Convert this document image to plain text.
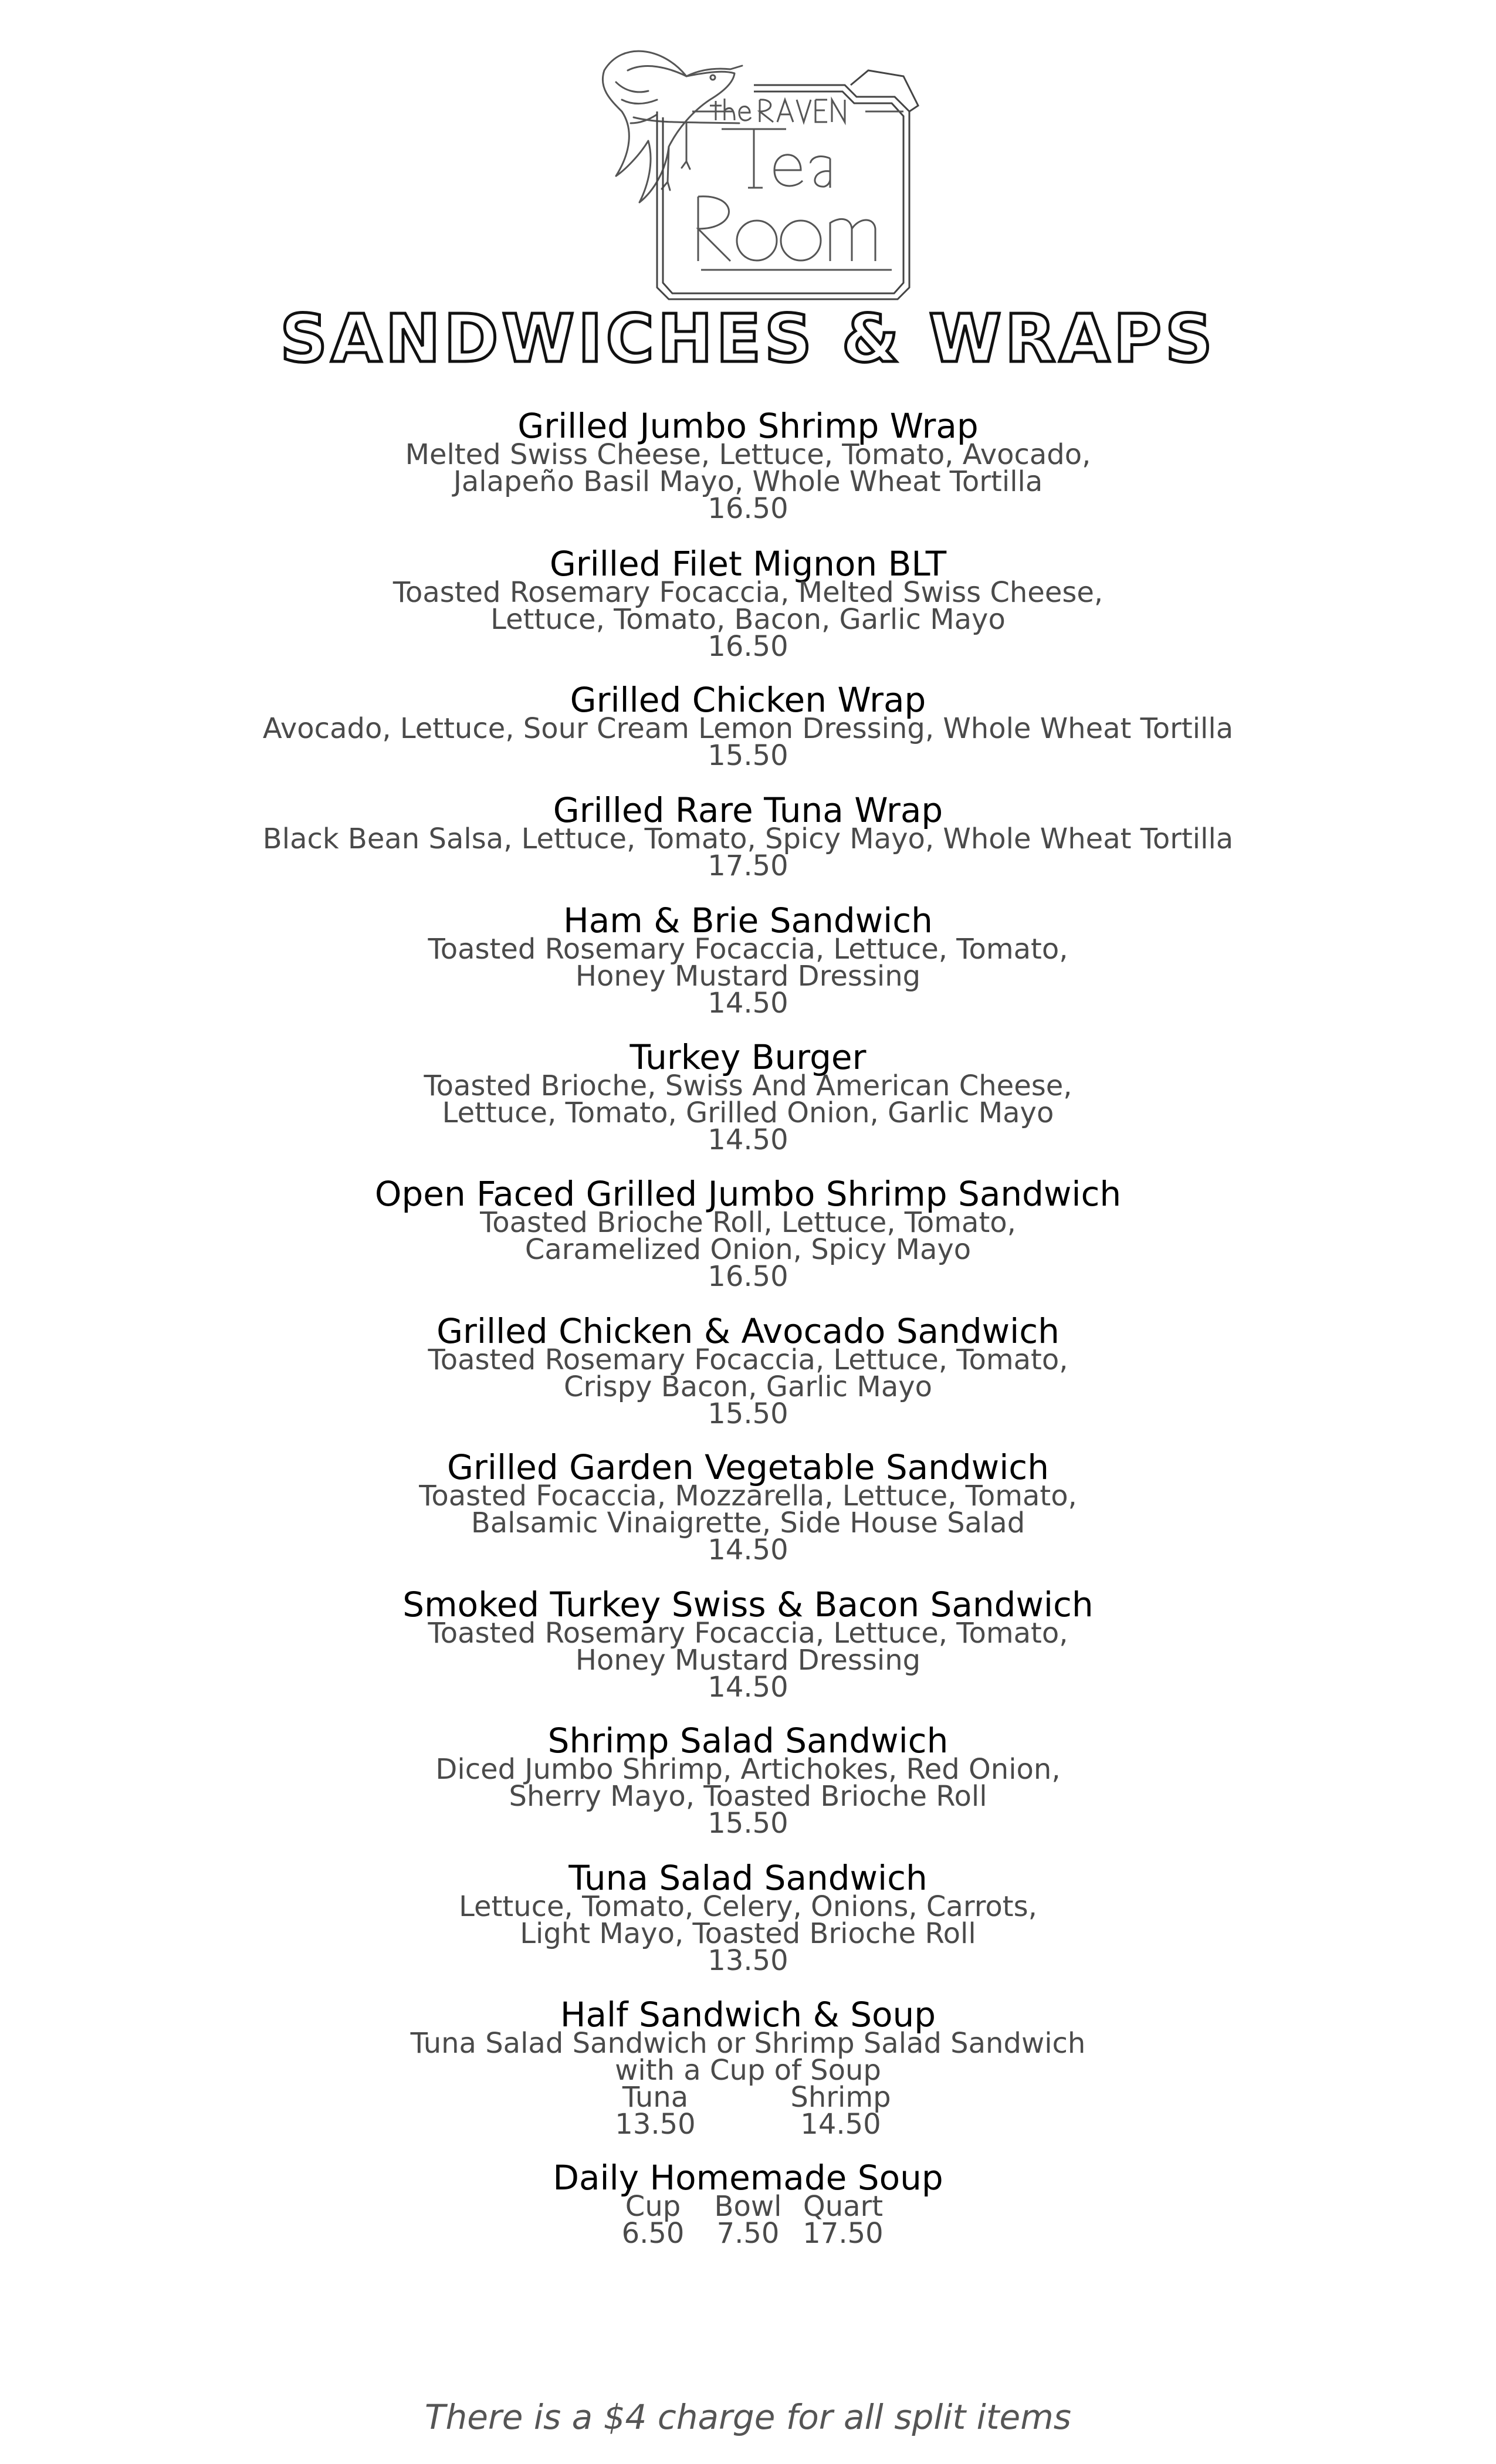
SANDWICHES & WRAPS
Grilled Jumbo Shrimp Wrap
Melted Swiss Cheese, Lettuce, Tomato, Avocado,
Jalapeño Basil Mayo, Whole Wheat Tortilla
16.50
Grilled Filet Mignon BLT
Toasted Rosemary Focaccia, Melted Swiss Cheese,
Lettuce, Tomato, Bacon, Garlic Mayo
16.50
Grilled Chicken Wrap
Avocado, Lettuce, Sour Cream Lemon Dressing, Whole Wheat Tortilla
15.50
Grilled Rare Tuna Wrap
Black Bean Salsa, Lettuce, Tomato, Spicy Mayo, Whole Wheat Tortilla
17.50
Ham & Brie Sandwich
Toasted Rosemary Focaccia, Lettuce, Tomato,
Honey Mustard Dressing
14.50
Turkey Burger
Toasted Brioche, Swiss And American Cheese,
Lettuce, Tomato, Grilled Onion, Garlic Mayo
14.50
Open Faced Grilled Jumbo Shrimp Sandwich
Toasted Brioche Roll, Lettuce, Tomato,
Caramelized Onion, Spicy Mayo
16.50
Grilled Chicken & Avocado Sandwich
Toasted Rosemary Focaccia, Lettuce, Tomato,
Crispy Bacon, Garlic Mayo
15.50
Grilled Garden Vegetable Sandwich
Toasted Focaccia, Mozzarella, Lettuce, Tomato,
Balsamic Vinaigrette, Side House Salad
14.50
Smoked Turkey Swiss & Bacon Sandwich
Toasted Rosemary Focaccia, Lettuce, Tomato,
Honey Mustard Dressing
14.50
Shrimp Salad Sandwich
Diced Jumbo Shrimp, Artichokes, Red Onion,
Sherry Mayo, Toasted Brioche Roll
15.50
Tuna Salad Sandwich
Lettuce, Tomato, Celery, Onions, Carrots,
Light Mayo, Toasted Brioche Roll
13.50
Half Sandwich & Soup
Tuna Salad Sandwich or Shrimp Salad Sandwich
with a Cup of Soup
Tuna
13.50
Shrimp
14.50
Daily Homemade Soup
Cup
6.50
Bowl
7.50
Quart
17.50
There is a $4 charge for all split items
